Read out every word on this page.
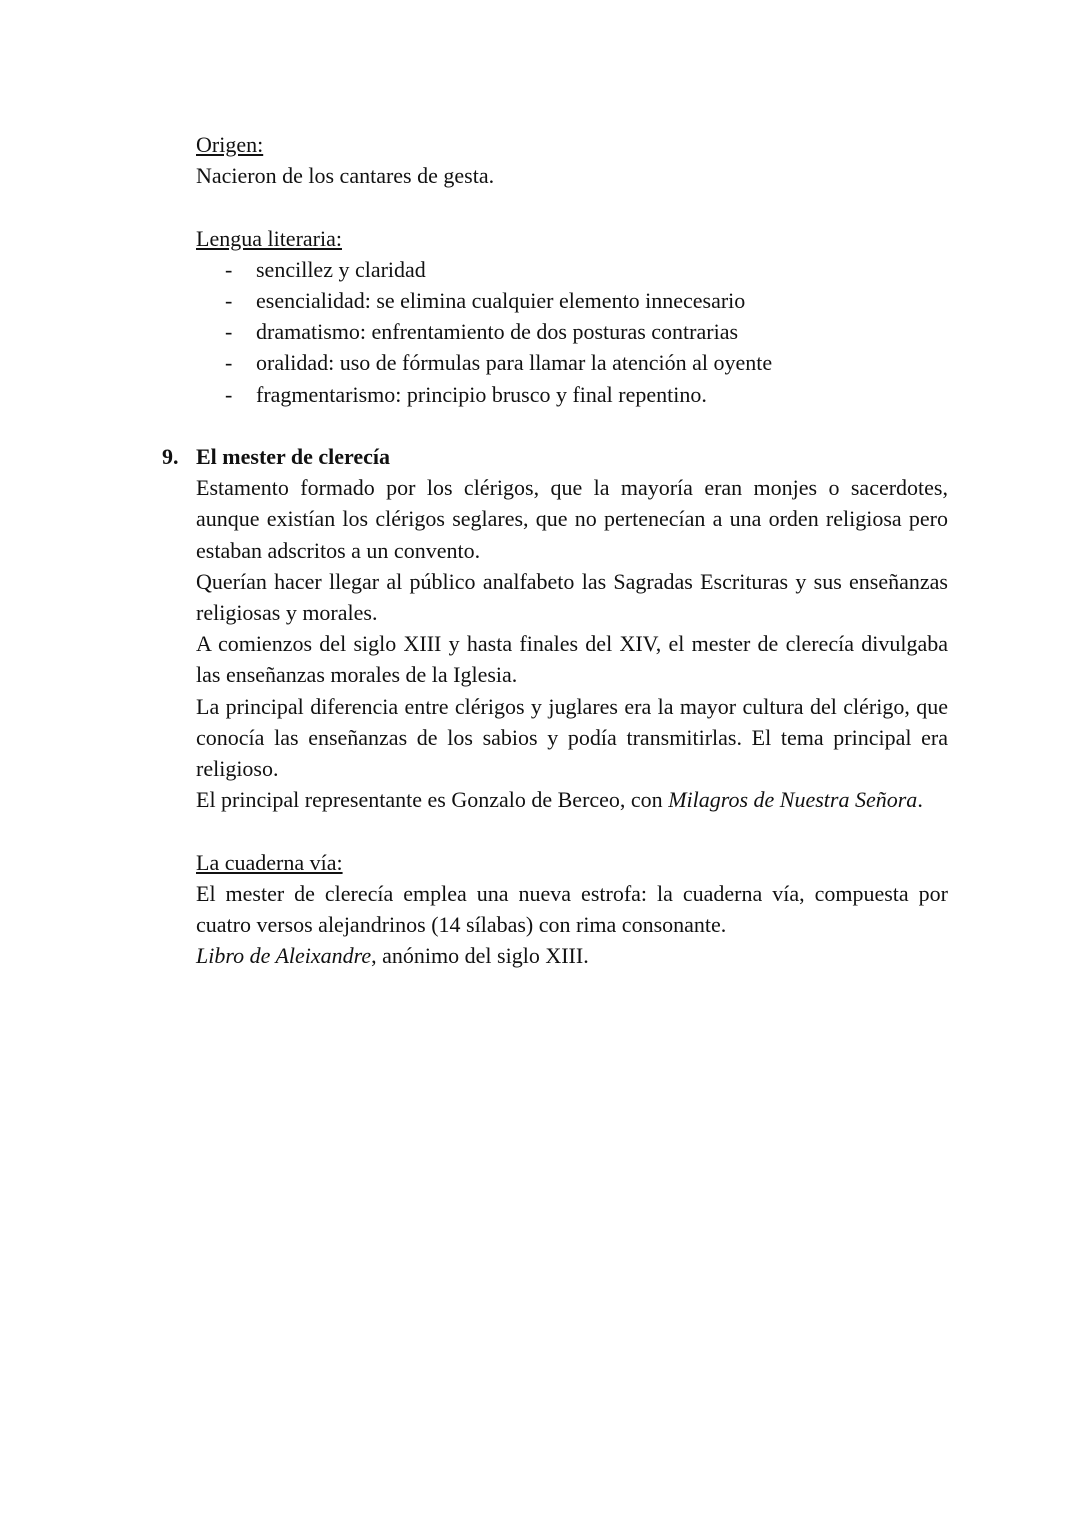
Origen:

Nacieron de los cantares de gesta.

Lengua literaria:

- sencillez y claridad
- esencialidad: se elimina cualquier elemento innecesario
- dramatismo: enfrentamiento de dos posturas contrarias
- oralidad: uso de fórmulas para llamar la atención al oyente
- fragmentarismo: principio brusco y final repentino.

9. El mester de clerecía

Estamento formado por los clérigos, que la mayoría eran monjes o sacerdotes, aunque existían los clérigos seglares, que no pertenecían a una orden religiosa pero estaban adscritos a un convento.

Querían hacer llegar al público analfabeto las Sagradas Escrituras y sus enseñanzas religiosas y morales.

A comienzos del siglo XIII y hasta finales del XIV, el mester de clerecía divulgaba las enseñanzas morales de la Iglesia.

La principal diferencia entre clérigos y juglares era la mayor cultura del clérigo, que conocía las enseñanzas de los sabios y podía transmitirlas. El tema principal era religioso.

El principal representante es Gonzalo de Berceo, con Milagros de Nuestra Señora.

La cuaderna vía:

El mester de clerecía emplea una nueva estrofa: la cuaderna vía, compuesta por cuatro versos alejandrinos (14 sílabas) con rima consonante.

Libro de Aleixandre, anónimo del siglo XIII.
